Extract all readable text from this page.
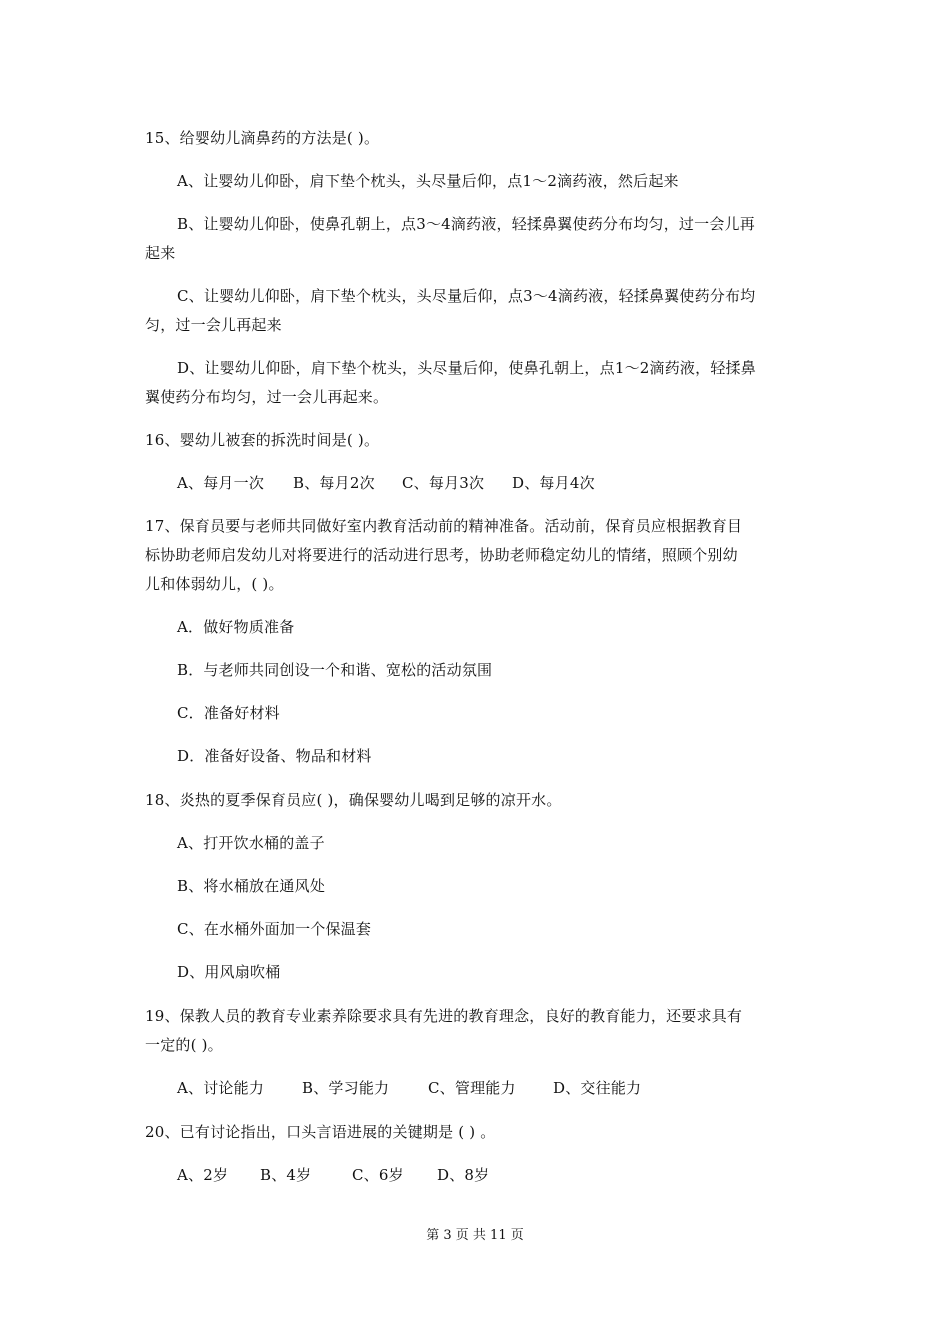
15、给婴幼儿滴鼻药的方法是( )。
A、让婴幼儿仰卧，肩下垫个枕头，头尽量后仰，点1～2滴药液，然后起来
B、让婴幼儿仰卧，使鼻孔朝上，点3～4滴药液，轻揉鼻翼使药分布均匀，过一会儿再
起来
C、让婴幼儿仰卧，肩下垫个枕头，头尽量后仰，点3～4滴药液，轻揉鼻翼使药分布均
匀，过一会儿再起来
D、让婴幼儿仰卧，肩下垫个枕头，头尽量后仰，使鼻孔朝上，点1～2滴药液，轻揉鼻
翼使药分布均匀，过一会儿再起来。
16、婴幼儿被套的拆洗时间是( )。
A、每月一次 B、每月2次 C、每月3次 D、每月4次
17、保育员要与老师共同做好室内教育活动前的精神准备。活动前，保育员应根据教育目
标协助老师启发幼儿对将要进行的活动进行思考，协助老师稳定幼儿的情绪，照顾个别幼
儿和体弱幼儿，( )。
A．做好物质准备
B．与老师共同创设一个和谐、宽松的活动氛围
C．准备好材料
D．准备好设备、物品和材料
18、炎热的夏季保育员应( )，确保婴幼儿喝到足够的凉开水。
A、打开饮水桶的盖子
B、将水桶放在通风处
C、在水桶外面加一个保温套
D、用风扇吹桶
19、保教人员的教育专业素养除要求具有先进的教育理念，良好的教育能力，还要求具有
一定的( )。
A、讨论能力	B、学习能力	C、管理能力 D、交往能力
20、已有讨论指出，口头言语进展的关键期是 ( ) 。
A、2岁 B、4岁	C、6岁 D、8岁
第 3 页 共 11 页
